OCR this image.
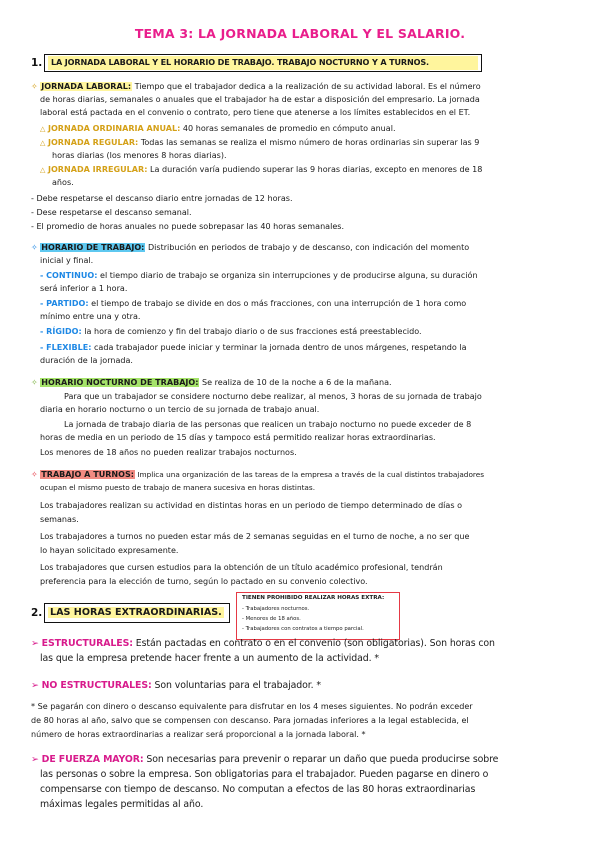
TEMA 3: LA JORNADA LABORAL Y EL SALARIO.
1. LA JORNADA LABORAL Y EL HORARIO DE TRABAJO. TRABAJO NOCTURNO Y A TURNOS.
✧ JORNADA LABORAL: Tiempo que el trabajador dedica a la realización de su actividad laboral. Es el número
de horas diarias, semanales o anuales que el trabajador ha de estar a disposición del empresario. La jornada
laboral está pactada en el convenio o contrato, pero tiene que atenerse a los límites establecidos en el ET.
△ JORNADA ORDINARIA ANUAL: 40 horas semanales de promedio en cómputo anual.
△ JORNADA REGULAR: Todas las semanas se realiza el mismo número de horas ordinarias sin superar las 9
horas diarias (los menores 8 horas diarias).
△ JORNADA IRREGULAR: La duración varía pudiendo superar las 9 horas diarias, excepto en menores de 18
años.
- Debe respetarse el descanso diario entre jornadas de 12 horas.
- Dese respetarse el descanso semanal.
- El promedio de horas anuales no puede sobrepasar las 40 horas semanales.
✧ HORARIO DE TRABAJO: Distribución en periodos de trabajo y de descanso, con indicación del momento
inicial y final.
- CONTINUO: el tiempo diario de trabajo se organiza sin interrupciones y de producirse alguna, su duración
será inferior a 1 hora.
- PARTIDO: el tiempo de trabajo se divide en dos o más fracciones, con una interrupción de 1 hora como
mínimo entre una y otra.
- RÍGIDO: la hora de comienzo y fin del trabajo diario o de sus fracciones está preestablecido.
- FLEXIBLE: cada trabajador puede iniciar y terminar la jornada dentro de unos márgenes, respetando la
duración de la jornada.
✧ HORARIO NOCTURNO DE TRABAJO: Se realiza de 10 de la noche a 6 de la mañana.
Para que un trabajador se considere nocturno debe realizar, al menos, 3 horas de su jornada de trabajo
diaria en horario nocturno o un tercio de su jornada de trabajo anual.
La jornada de trabajo diaria de las personas que realicen un trabajo nocturno no puede exceder de 8
horas de media en un periodo de 15 días y tampoco está permitido realizar horas extraordinarias.
Los menores de 18 años no pueden realizar trabajos nocturnos.
✧ TRABAJO A TURNOS: Implica una organización de las tareas de la empresa a través de la cual distintos trabajadores
ocupan el mismo puesto de trabajo de manera sucesiva en horas distintas.
Los trabajadores realizan su actividad en distintas horas en un periodo de tiempo determinado de días o
semanas.
Los trabajadores a turnos no pueden estar más de 2 semanas seguidas en el turno de noche, a no ser que
lo hayan solicitado expresamente.
Los trabajadores que cursen estudios para la obtención de un título académico profesional, tendrán
preferencia para la elección de turno, según lo pactado en su convenio colectivo.
2. LAS HORAS EXTRAORDINARIAS.
TIENEN PROHIBIDO REALIZAR HORAS EXTRA:
- Trabajadores nocturnos.
- Menores de 18 años.
- Trabajadores con contratos a tiempo parcial.
➢ ESTRUCTURALES: Están pactadas en contrato o en el convenio (son obligatorias). Son horas con
las que la empresa pretende hacer frente a un aumento de la actividad. *
➢ NO ESTRUCTURALES: Son voluntarias para el trabajador. *
* Se pagarán con dinero o descanso equivalente para disfrutar en los 4 meses siguientes. No podrán exceder
de 80 horas al año, salvo que se compensen con descanso. Para jornadas inferiores a la legal establecida, el
número de horas extraordinarias a realizar será proporcional a la jornada laboral. *
➢ DE FUERZA MAYOR: Son necesarias para prevenir o reparar un daño que pueda producirse sobre
las personas o sobre la empresa. Son obligatorias para el trabajador. Pueden pagarse en dinero o
compensarse con tiempo de descanso. No computan a efectos de las 80 horas extraordinarias
máximas legales permitidas al año.
